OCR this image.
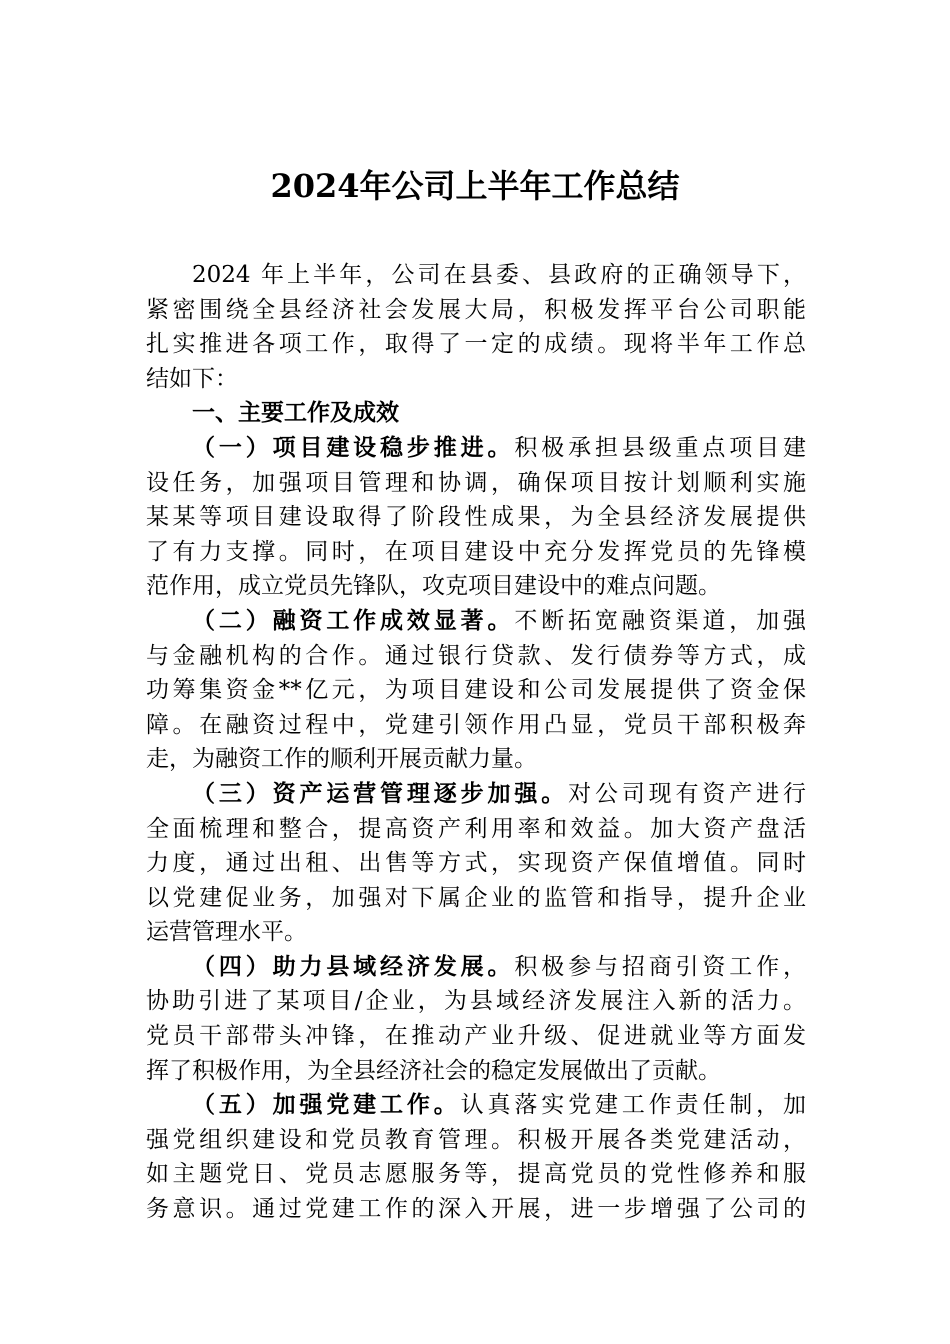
2024年公司上半年工作总结
2024 年上半年，公司在县委、县政府的正确领导下，
紧密围绕全县经济社会发展大局，积极发挥平台公司职能
扎实推进各项工作，取得了一定的成绩。现将半年工作总
结如下：
一、主要工作及成效
（一）项目建设稳步推进。积极承担县级重点项目建
设任务，加强项目管理和协调，确保项目按计划顺利实施
某某等项目建设取得了阶段性成果，为全县经济发展提供
了有力支撑。同时，在项目建设中充分发挥党员的先锋模
范作用，成立党员先锋队，攻克项目建设中的难点问题。
（二）融资工作成效显著。不断拓宽融资渠道，加强
与金融机构的合作。通过银行贷款、发行债券等方式，成
功筹集资金**亿元，为项目建设和公司发展提供了资金保
障。在融资过程中，党建引领作用凸显，党员干部积极奔
走，为融资工作的顺利开展贡献力量。
（三）资产运营管理逐步加强。对公司现有资产进行
全面梳理和整合，提高资产利用率和效益。加大资产盘活
力度，通过出租、出售等方式，实现资产保值增值。同时
以党建促业务，加强对下属企业的监管和指导，提升企业
运营管理水平。
（四）助力县域经济发展。积极参与招商引资工作，
协助引进了某项目/企业，为县域经济发展注入新的活力。
党员干部带头冲锋，在推动产业升级、促进就业等方面发
挥了积极作用，为全县经济社会的稳定发展做出了贡献。
（五）加强党建工作。认真落实党建工作责任制，加
强党组织建设和党员教育管理。积极开展各类党建活动，
如主题党日、党员志愿服务等，提高党员的党性修养和服
务意识。通过党建工作的深入开展，进一步增强了公司的
